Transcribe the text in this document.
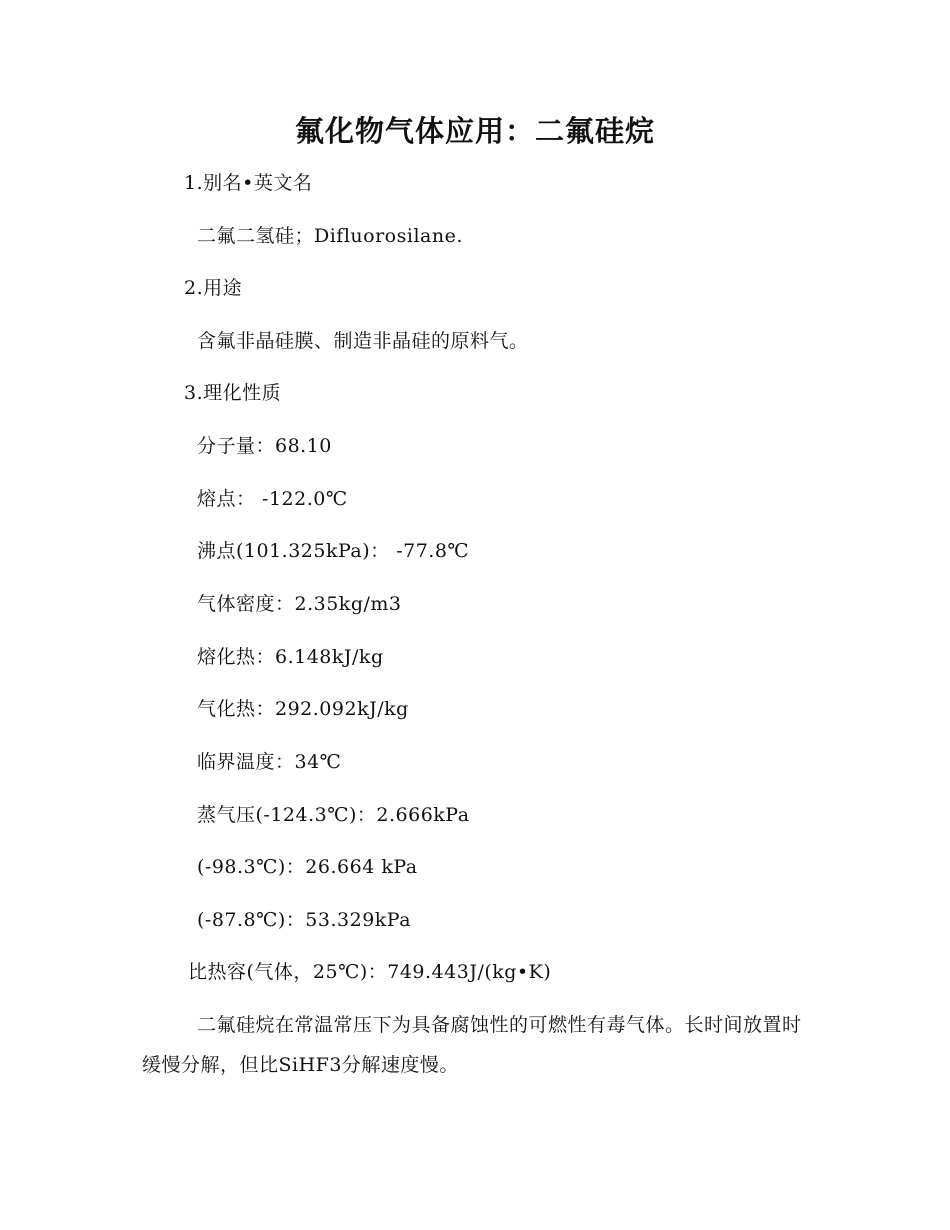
氟化物气体应用：二氟硅烷
1.别名•英文名
二氟二氢硅；Difluorosilane.
2.用途
含氟非晶硅膜、制造非晶硅的原料气。
3.理化性质
分子量：68.10
熔点： -122.0℃
沸点(101.325kPa)： -77.8℃
气体密度：2.35kg/m3
熔化热：6.148kJ/kg
气化热：292.092kJ/kg
临界温度：34℃
蒸气压(-124.3℃)：2.666kPa
(-98.3℃)：26.664 kPa
(-87.8℃)：53.329kPa
比热容(气体，25℃)：749.443J/(kg•K)
二氟硅烷在常温常压下为具备腐蚀性的可燃性有毒气体。长时间放置时缓慢分解，但比SiHF3分解速度慢。
